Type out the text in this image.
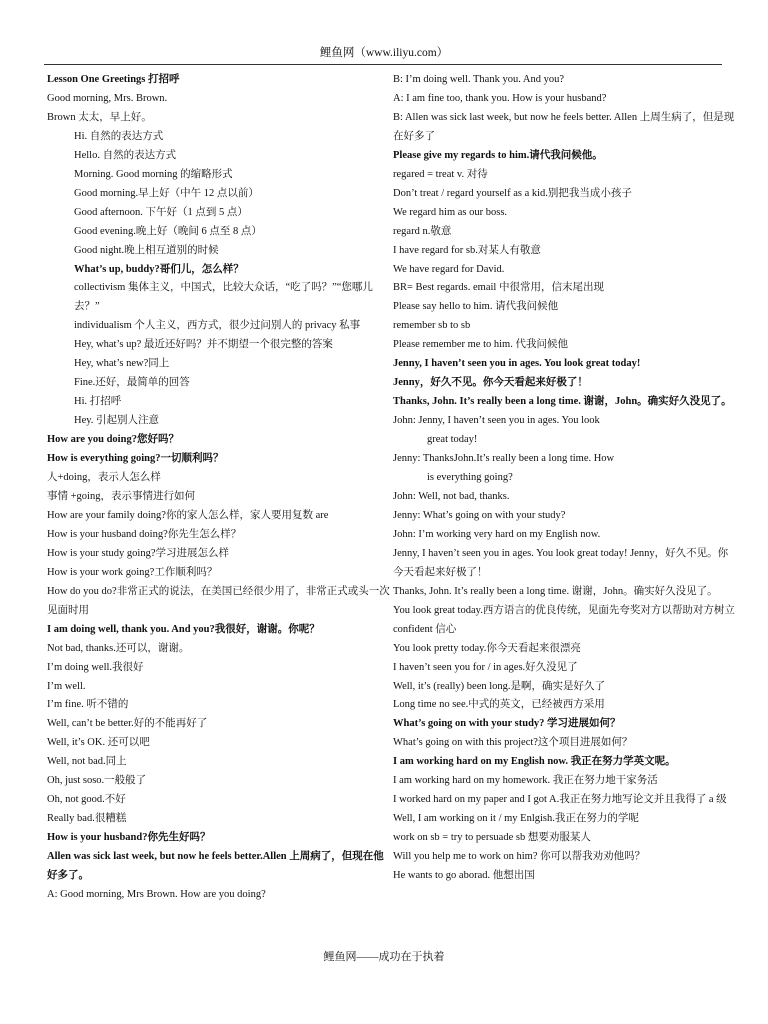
鲤鱼网（www.iliyu.com）

Lesson One Greetings 打招呼

Good morning, Mrs. Brown.

Brown 太太，早上好。

Hi. 自然的表达方式

Hello. 自然的表达方式

Morning. Good morning 的缩略形式

Good morning.早上好（中午 12 点以前）

Good afternoon. 下午好（1 点到 5 点）

Good evening.晚上好（晚间 6 点至 8 点）

Good night.晚上相互道别的时候

What’s up, buddy?哥们儿，怎么样？

collectivism 集体主义，中国式，比较大众话，“吃了吗？”“您哪儿去？”

individualism 个人主义，西方式，很少过问别人的 privacy 私事

Hey, what’s up? 最近还好吗？并不期望一个很完整的答案

Hey, what’s new?同上

Fine.还好，最简单的回答

Hi. 打招呼

Hey. 引起别人注意

How are you doing?您好吗？

How is everything going?一切顺利吗？

人+doing，表示人怎么样

事情 +going，表示事情进行如何

How are your family doing?你的家人怎么样，家人要用复数 are

How is your husband doing?你先生怎么样？

How is your study going?学习进展怎么样

How is your work going?工作顺利吗？

How do you do?非常正式的说法，在美国已经很少用了，非常正式或头一次见面时用

I am doing well, thank you. And you?我很好，谢谢。你呢？

Not bad, thanks.还可以，谢谢。

I’m doing well.我很好

I’m well.

I’m fine. 听不错的

Well, can’t be better.好的不能再好了

Well, it’s OK. 还可以吧

Well, not bad.同上

Oh, just soso.一般般了

Oh, not good.不好

Really bad.很糟糕

How is your husband?你先生好吗？

Allen was sick last week, but now he feels better.Allen 上周病了，但现在他好多了。

A: Good morning, Mrs Brown. How are you doing?

B: I’m doing well. Thank you. And you?

A: I am fine too, thank you. How is your husband?

B: Allen was sick last week, but now he feels better. Allen 上周生病了，但是现在好多了

Please give my regards to him.请代我问候他。

regared = treat v. 对待

Don’t treat / regard yourself as a kid.别把我当成小孩子

We regard him as our boss.

regard n.敬意

I have regard for sb.对某人有敬意

We have regard for David.

BR= Best regards. email 中很常用，信末尾出现

Please say hello to him. 请代我问候他

remember sb to sb

Please remember me to him. 代我问候他

Jenny, I haven’t seen you in ages. You look great today!

Jenny，好久不见。你今天看起来好极了！

Thanks, John. It’s really been a long time. 谢谢，John。确实好久没见了。

John: Jenny, I haven’t seen you in ages. You look

great today!

Jenny: ThanksJohn.It’s really been a long time. How

is everything going?

John: Well, not bad, thanks.

Jenny: What’s going on with your study?

John: I’m working very hard on my English now.

Jenny, I haven’t seen you in ages. You look great today! Jenny，好久不见。你今天看起来好极了！

Thanks, John. It’s really been a long time. 谢谢，John。确实好久没见了。

You look great today.西方语言的优良传统，见面先夸奖对方以帮助对方树立 confident 信心

You look pretty today.你今天看起来很漂亮

I haven’t seen you for / in ages.好久没见了

Well, it’s (really) been long.是啊，确实是好久了

Long time no see.中式的英文，已经被西方采用

What’s going on with your study? 学习进展如何？

What’s going on with this project?这个项目进展如何？

I am working hard on my English now. 我正在努力学英文呢。

I am working hard on my homework. 我正在努力地干家务活

I worked hard on my paper and I got A.我正在努力地写论文并且我得了 a 级

Well, I am working on it / my Enlgish.我正在努力的学呢

work on sb = try to persuade sb 想要劝服某人

Will you help me to work on him? 你可以帮我劝劝他吗？

He wants to go aborad. 他想出国

鲤鱼网——成功在于执着
